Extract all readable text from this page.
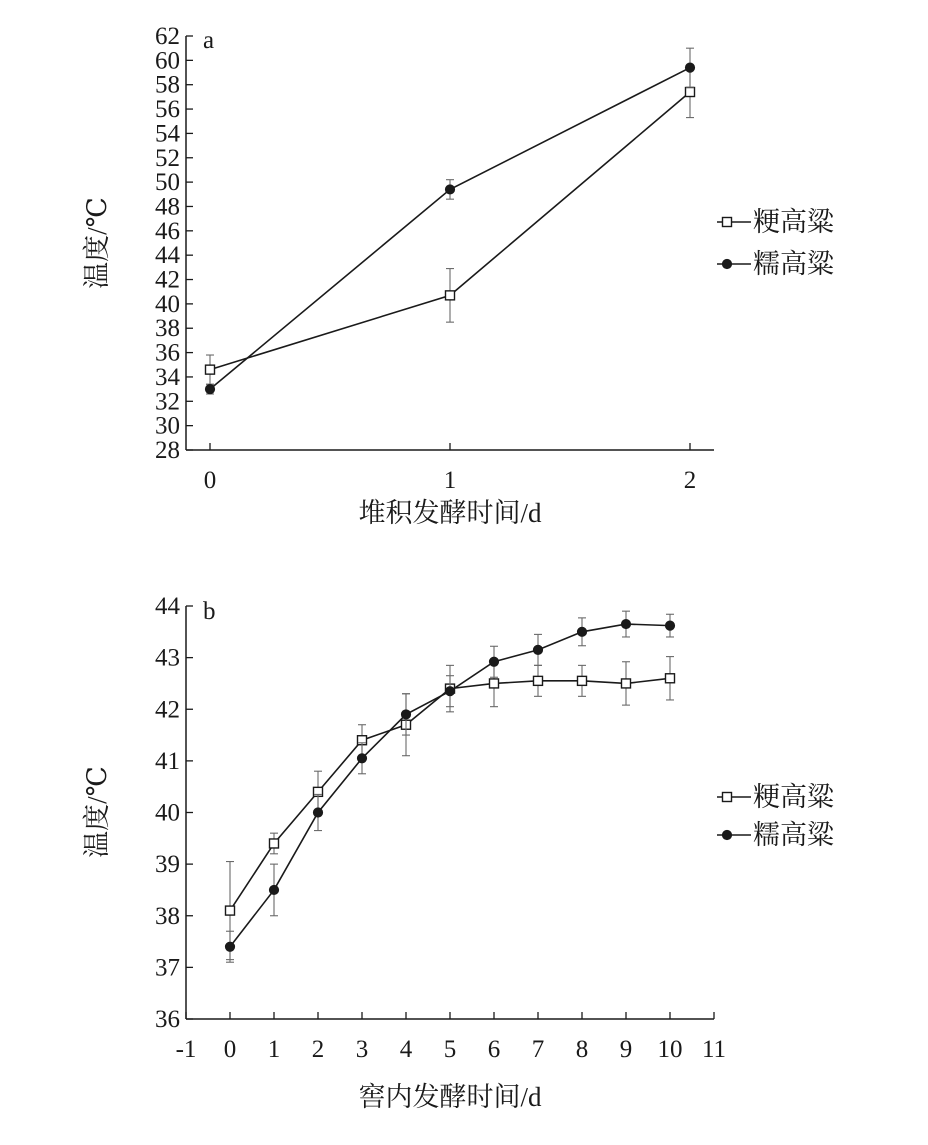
28
30
32
34
36
38
40
42
44
46
48
50
52
54
56
58
60
62
0	1	2
堆积发酵时间/d
温度/℃
a
粳高粱
糯高粱
36
37
38
39
40
41
42
43
44
-1 0 1 2 3 4 5 6 7 8 9 10 11
窖内发酵时间/d
温度/℃
b
粳高粱
糯高粱
